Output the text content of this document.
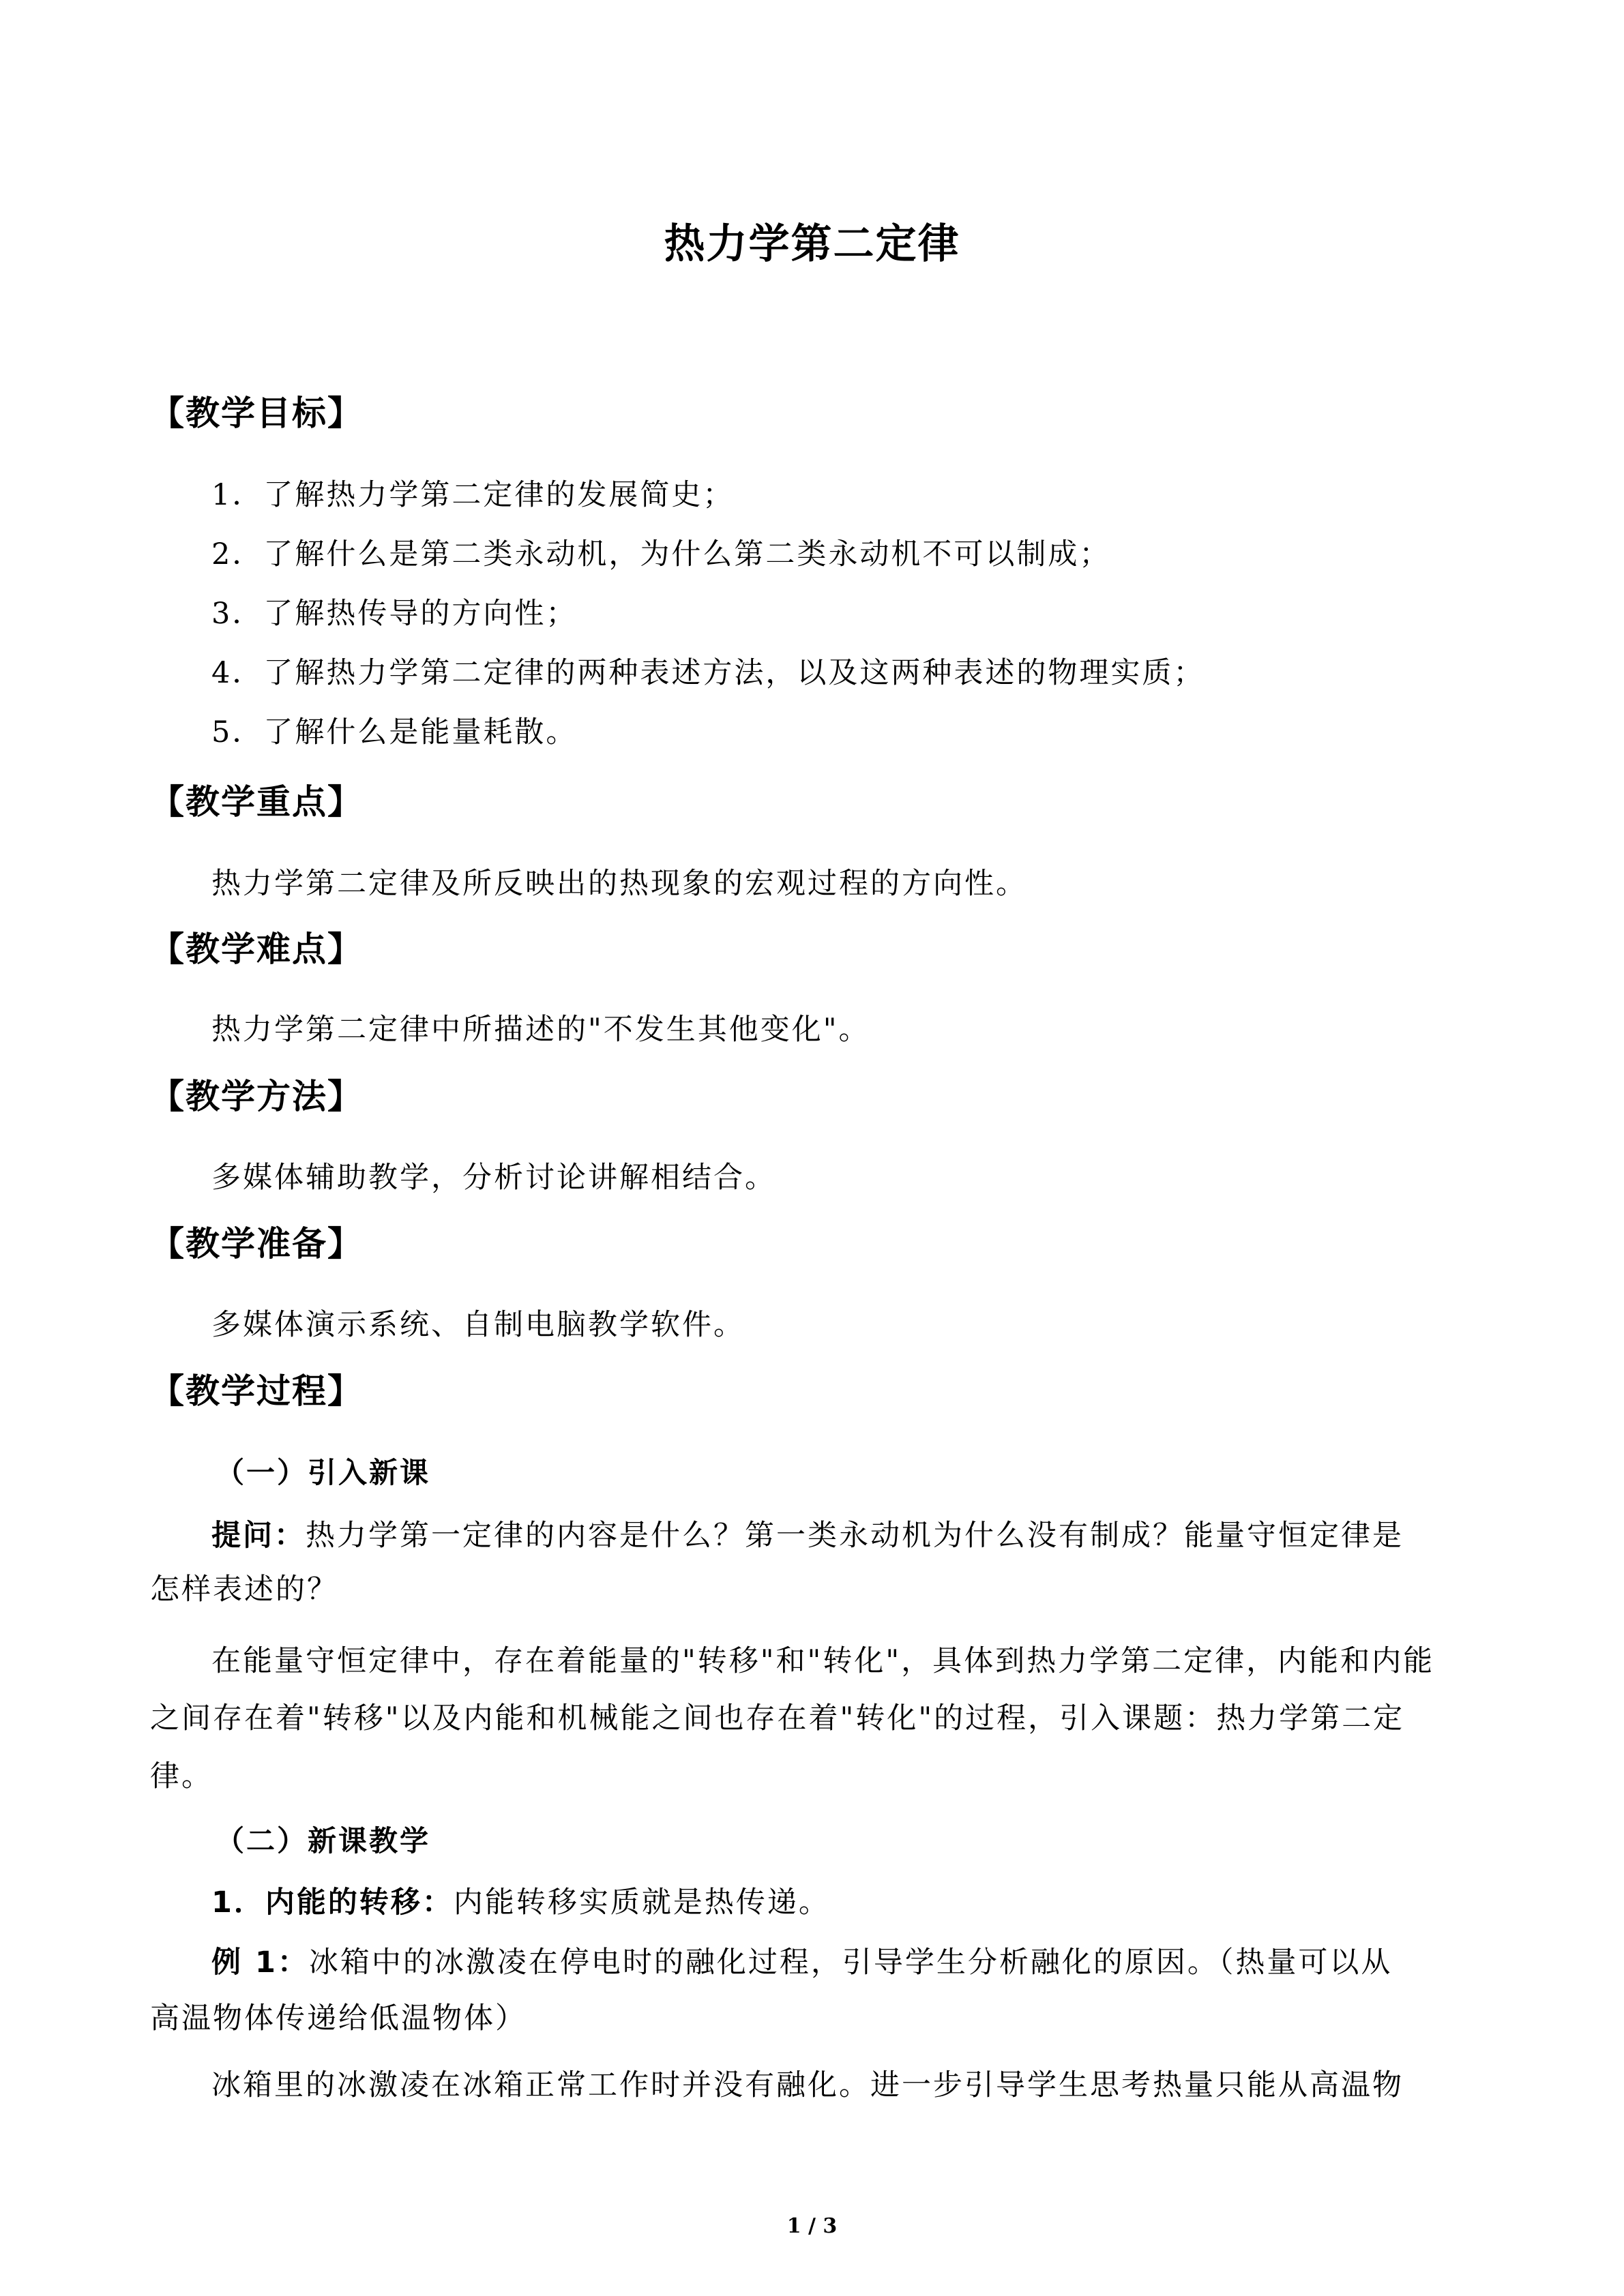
热力学第二定律
【教学目标】
1．了解热力学第二定律的发展简史；
2．了解什么是第二类永动机，为什么第二类永动机不可以制成；
3．了解热传导的方向性；
4．了解热力学第二定律的两种表述方法，以及这两种表述的物理实质；
5．了解什么是能量耗散。
【教学重点】
热力学第二定律及所反映出的热现象的宏观过程的方向性。
【教学难点】
热力学第二定律中所描述的"不发生其他变化"。
【教学方法】
多媒体辅助教学，分析讨论讲解相结合。
【教学准备】
多媒体演示系统、自制电脑教学软件。
【教学过程】
（一）引入新课
提问：热力学第一定律的内容是什么？第一类永动机为什么没有制成？能量守恒定律是
怎样表述的？
在能量守恒定律中，存在着能量的"转移"和"转化"，具体到热力学第二定律，内能和内能
之间存在着"转移"以及内能和机械能之间也存在着"转化"的过程，引入课题：热力学第二定
律。
（二）新课教学
1．内能的转移：内能转移实质就是热传递。
例 1：冰箱中的冰激凌在停电时的融化过程，引导学生分析融化的原因。（热量可以从
高温物体传递给低温物体）
冰箱里的冰激凌在冰箱正常工作时并没有融化。进一步引导学生思考热量只能从高温物
1 / 3
